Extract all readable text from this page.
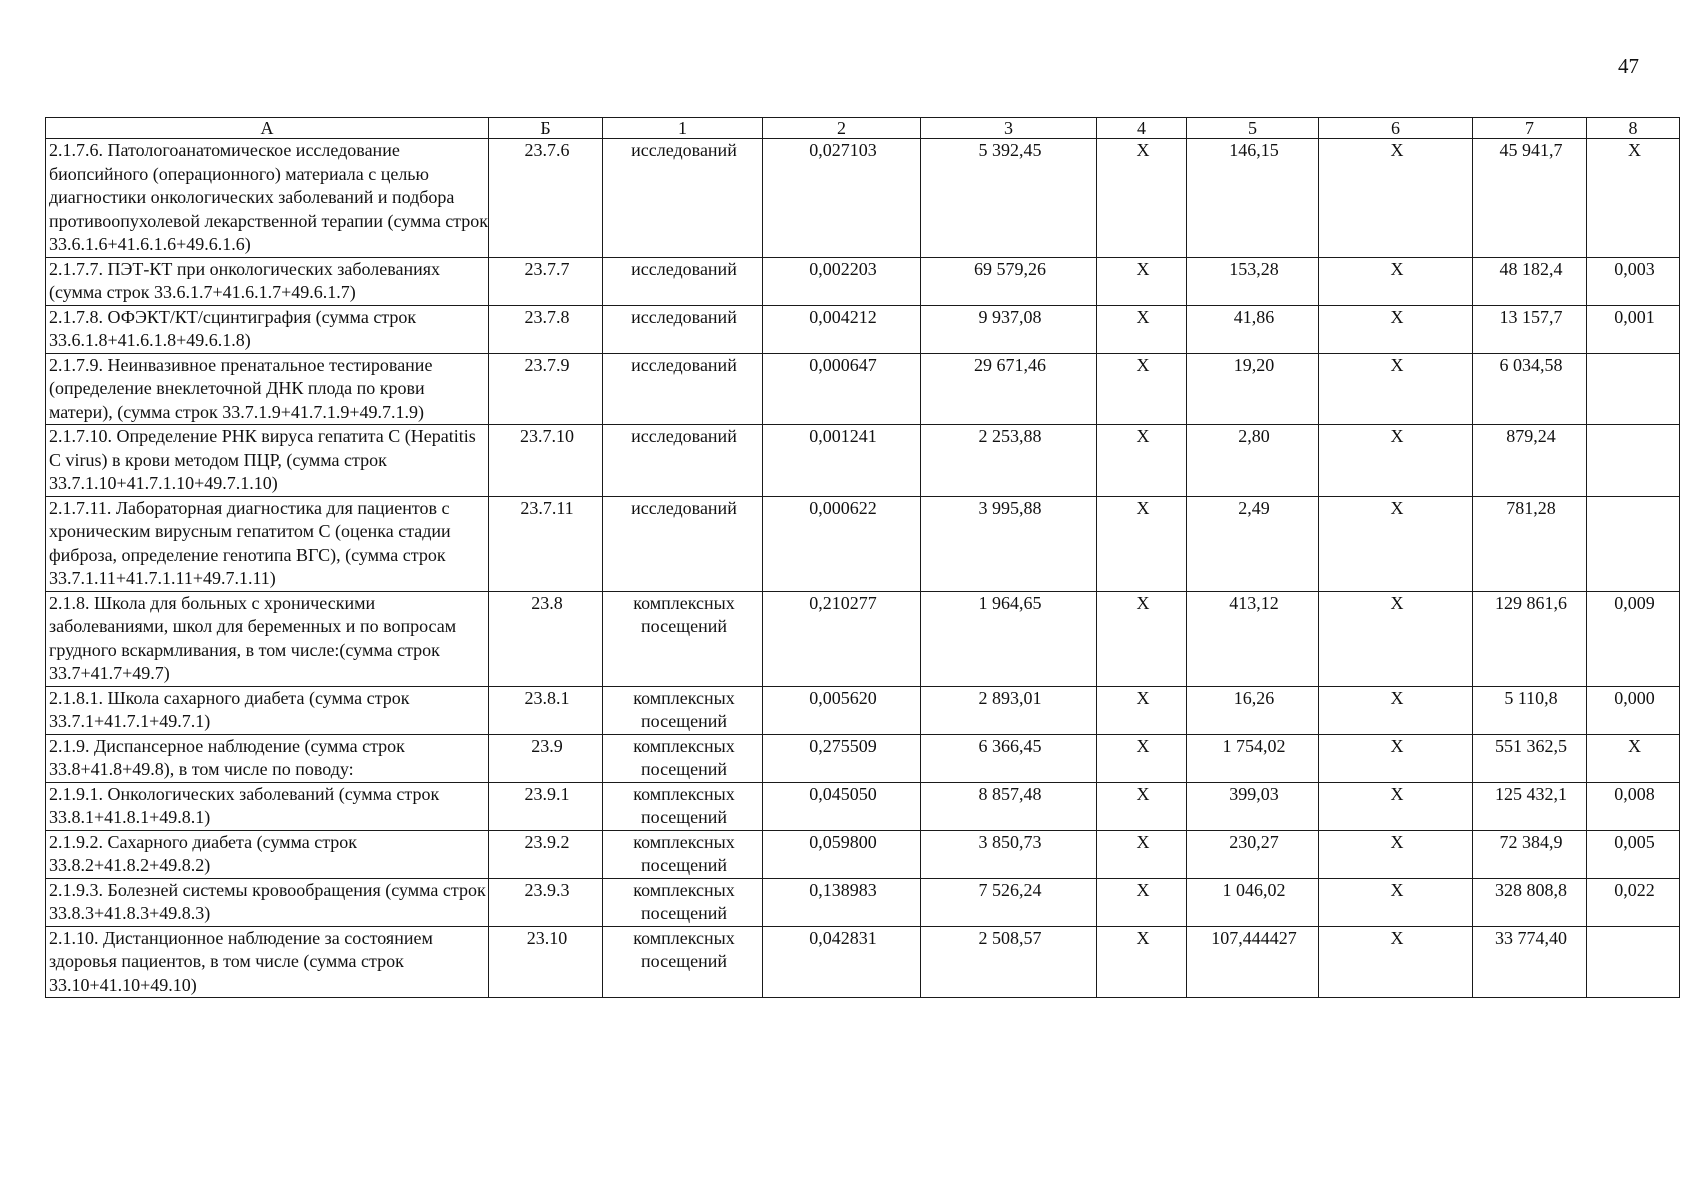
47
А	Б	1	2	3	4	5	6	7	8
2.1.7.6. Патологоанатомическое исследование биопсийного (операционного) материала с целью диагностики онкологических заболеваний и подбора противоопухолевой лекарственной терапии (сумма строк 33.6.1.6+41.6.1.6+49.6.1.6)	23.7.6	исследований	0,027103	5 392,45	X	146,15	X	45 941,7	X
2.1.7.7. ПЭТ-КТ при онкологических заболеваниях (сумма строк 33.6.1.7+41.6.1.7+49.6.1.7)	23.7.7	исследований	0,002203	69 579,26	X	153,28	X	48 182,4	0,003
2.1.7.8. ОФЭКТ/КТ/сцинтиграфия (сумма строк 33.6.1.8+41.6.1.8+49.6.1.8)	23.7.8	исследований	0,004212	9 937,08	X	41,86	X	13 157,7	0,001
2.1.7.9. Неинвазивное пренатальное тестирование (определение внеклеточной ДНК плода по крови матери), (сумма строк 33.7.1.9+41.7.1.9+49.7.1.9)	23.7.9	исследований	0,000647	29 671,46	X	19,20	X	6 034,58	
2.1.7.10. Определение РНК вируса гепатита С (Hepatitis C virus) в крови методом ПЦР, (сумма строк 33.7.1.10+41.7.1.10+49.7.1.10)	23.7.10	исследований	0,001241	2 253,88	X	2,80	X	879,24	
2.1.7.11. Лабораторная диагностика для пациентов с хроническим вирусным гепатитом С (оценка стадии фиброза, определение генотипа ВГС), (сумма строк 33.7.1.11+41.7.1.11+49.7.1.11)	23.7.11	исследований	0,000622	3 995,88	X	2,49	X	781,28	
2.1.8. Школа для больных с хроническими заболеваниями, школ для беременных и по вопросам грудного вскармливания, в том числе:(сумма строк 33.7+41.7+49.7)	23.8	комплексных посещений	0,210277	1 964,65	X	413,12	X	129 861,6	0,009
2.1.8.1. Школа сахарного диабета (сумма строк 33.7.1+41.7.1+49.7.1)	23.8.1	комплексных посещений	0,005620	2 893,01	X	16,26	X	5 110,8	0,000
2.1.9. Диспансерное наблюдение (сумма строк 33.8+41.8+49.8), в том числе по поводу:	23.9	комплексных посещений	0,275509	6 366,45	X	1 754,02	X	551 362,5	X
2.1.9.1. Онкологических заболеваний (сумма строк 33.8.1+41.8.1+49.8.1)	23.9.1	комплексных посещений	0,045050	8 857,48	X	399,03	X	125 432,1	0,008
2.1.9.2. Сахарного диабета (сумма строк 33.8.2+41.8.2+49.8.2)	23.9.2	комплексных посещений	0,059800	3 850,73	X	230,27	X	72 384,9	0,005
2.1.9.3. Болезней системы кровообращения (сумма строк 33.8.3+41.8.3+49.8.3)	23.9.3	комплексных посещений	0,138983	7 526,24	X	1 046,02	X	328 808,8	0,022
2.1.10. Дистанционное наблюдение за состоянием здоровья пациентов, в том числе (сумма строк 33.10+41.10+49.10)	23.10	комплексных посещений	0,042831	2 508,57	X	107,444427	X	33 774,40	
